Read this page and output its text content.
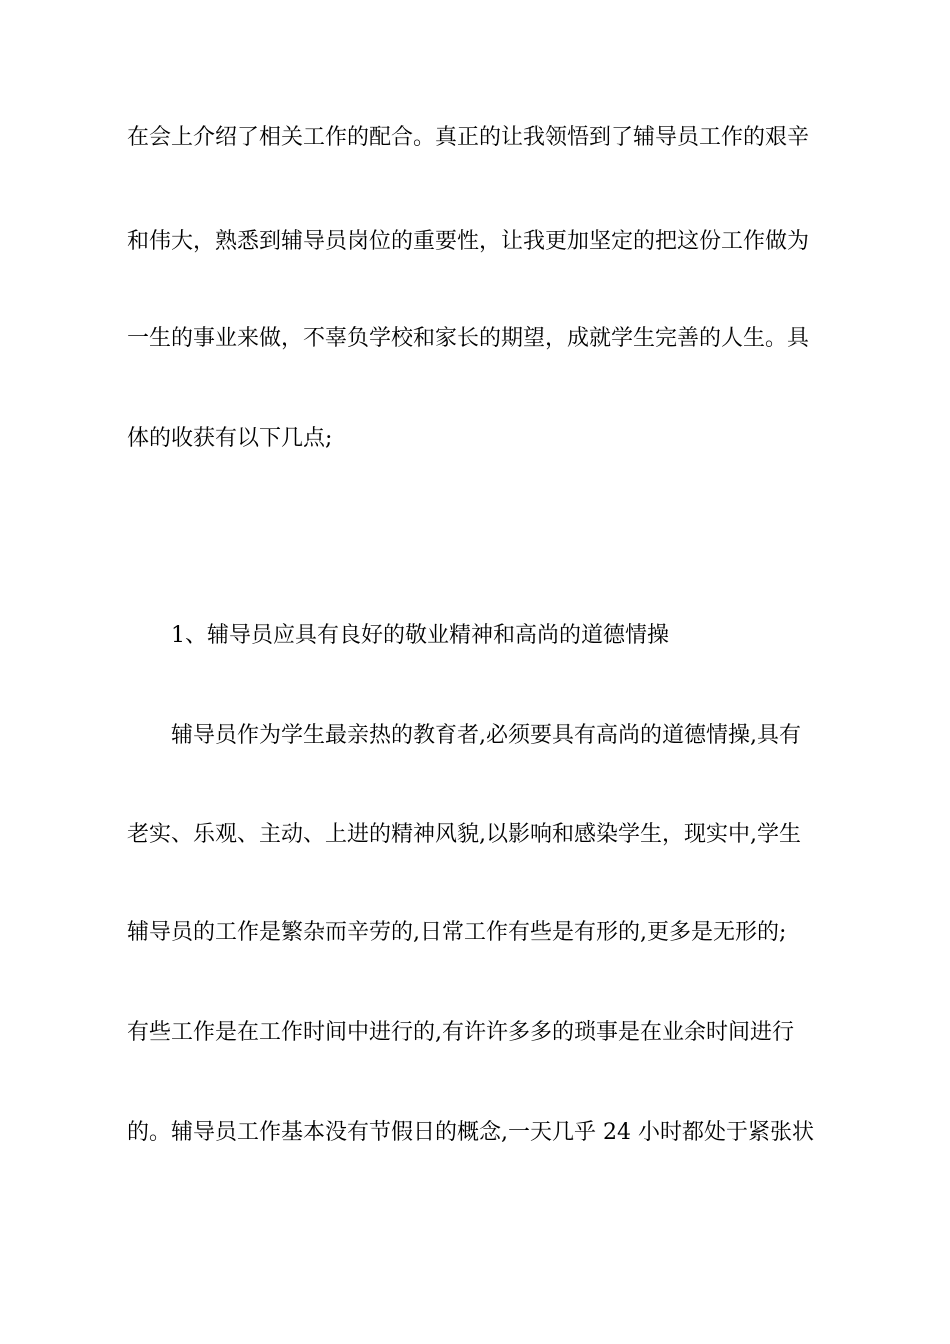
在会上介绍了相关工作的配合。真正的让我领悟到了辅导员工作的艰辛
和伟大，熟悉到辅导员岗位的重要性，让我更加坚定的把这份工作做为
一生的事业来做，不辜负学校和家长的期望，成就学生完善的人生。具
体的收获有以下几点;
1、辅导员应具有良好的敬业精神和高尚的道德情操
辅导员作为学生最亲热的教育者,必须要具有高尚的道德情操,具有
老实、乐观、主动、上进的精神风貌,以影响和感染学生，现实中,学生
辅导员的工作是繁杂而辛劳的,日常工作有些是有形的,更多是无形的;
有些工作是在工作时间中进行的,有许许多多的琐事是在业余时间进行
的。辅导员工作基本没有节假日的概念,一天几乎 24 小时都处于紧张状
